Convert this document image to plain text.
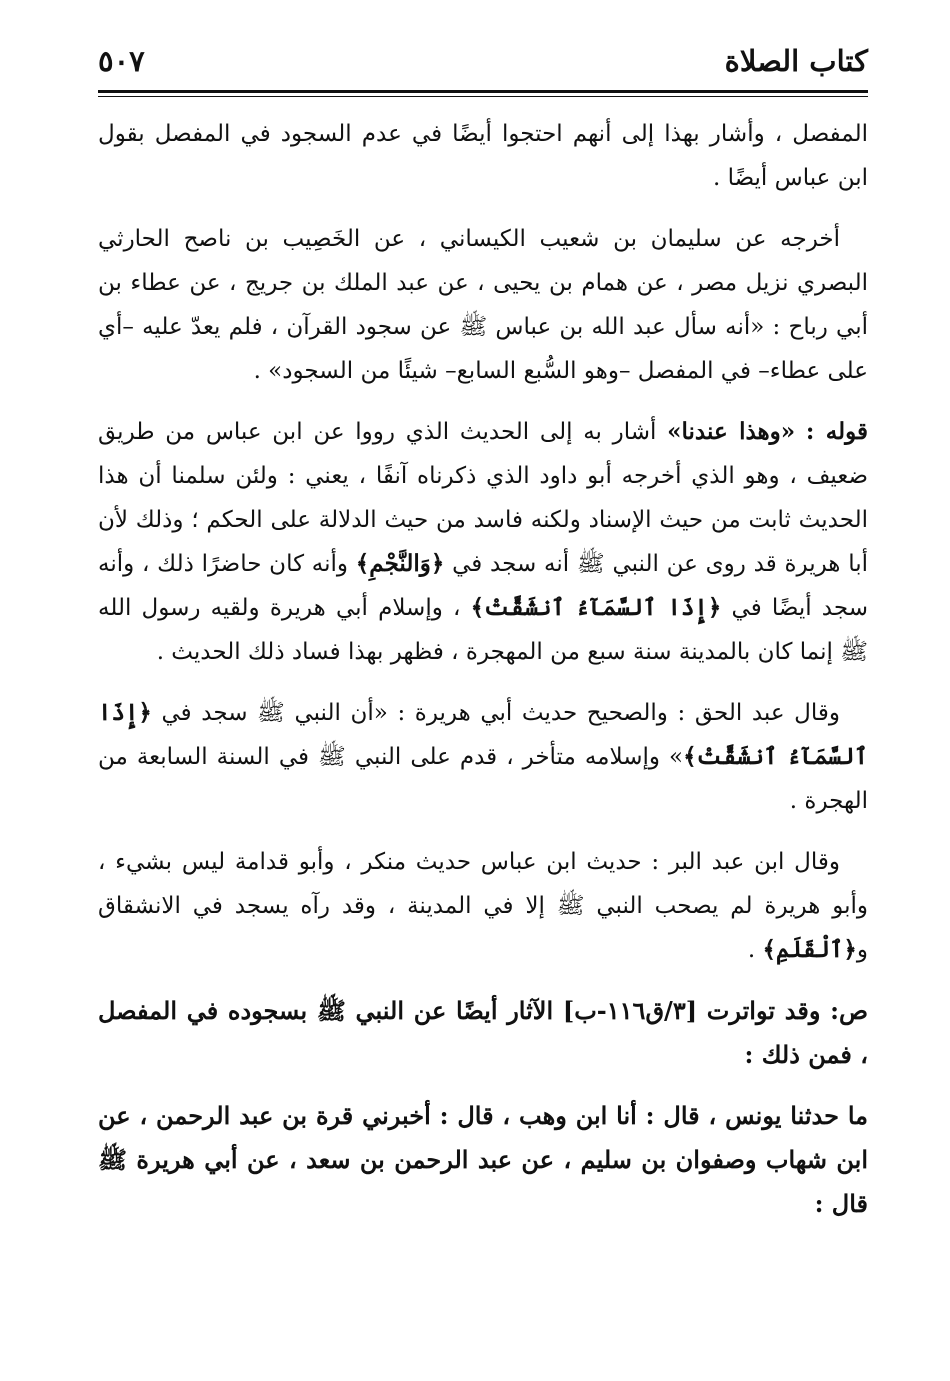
كتاب الصلاة
٥٠٧

المفصل ، وأشار بهذا إلى أنهم احتجوا أيضًا في عدم السجود في المفصل بقول ابن عباس أيضًا .

أخرجه عن سليمان بن شعيب الكيساني ، عن الخَصِيب بن ناصح الحارثي البصري نزيل مصر ، عن همام بن يحيى ، عن عبد الملك بن جريج ، عن عطاء بن أبي رباح : «أنه سأل عبد الله بن عباس ﷺ عن سجود القرآن ، فلم يعدّ عليه –أي على عطاء– في المفصل –وهو السُّبع السابع– شيئًا من السجود» .

قوله : «وهذا عندنا» أشار به إلى الحديث الذي رووا عن ابن عباس من طريق ضعيف ، وهو الذي أخرجه أبو داود الذي ذكرناه آنفًا ، يعني : ولئن سلمنا أن هذا الحديث ثابت من حيث الإسناد ولكنه فاسد من حيث الدلالة على الحكم ؛ وذلك لأن أبا هريرة قد روى عن النبي ﷺ أنه سجد في ﴿وَالنَّجْمِ﴾ وأنه كان حاضرًا ذلك ، وأنه سجد أيضًا في ﴿إِذَا ٱلسَّمَآءُ ٱنشَقَّتْ﴾ ، وإسلام أبي هريرة ولقيه رسول الله ﷺ إنما كان بالمدينة سنة سبع من المهجرة ، فظهر بهذا فساد ذلك الحديث .

وقال عبد الحق : والصحيح حديث أبي هريرة : «أن النبي ﷺ سجد في ﴿إِذَا ٱلسَّمَآءُ ٱنشَقَّتْ﴾» وإسلامه متأخر ، قدم على النبي ﷺ في السنة السابعة من الهجرة .

وقال ابن عبد البر : حديث ابن عباس حديث منكر ، وأبو قدامة ليس بشيء ، وأبو هريرة لم يصحب النبي ﷺ إلا في المدينة ، وقد رآه يسجد في الانشقاق و﴿ٱلْقَلَمِ﴾ .

ص: وقد تواترت [٣/ق١١٦-ب] الآثار أيضًا عن النبي ﷺ بسجوده في المفصل ، فمن ذلك :

ما حدثنا يونس ، قال : أنا ابن وهب ، قال : أخبرني قرة بن عبد الرحمن ، عن ابن شهاب وصفوان بن سليم ، عن عبد الرحمن بن سعد ، عن أبي هريرة ﷺ قال :
